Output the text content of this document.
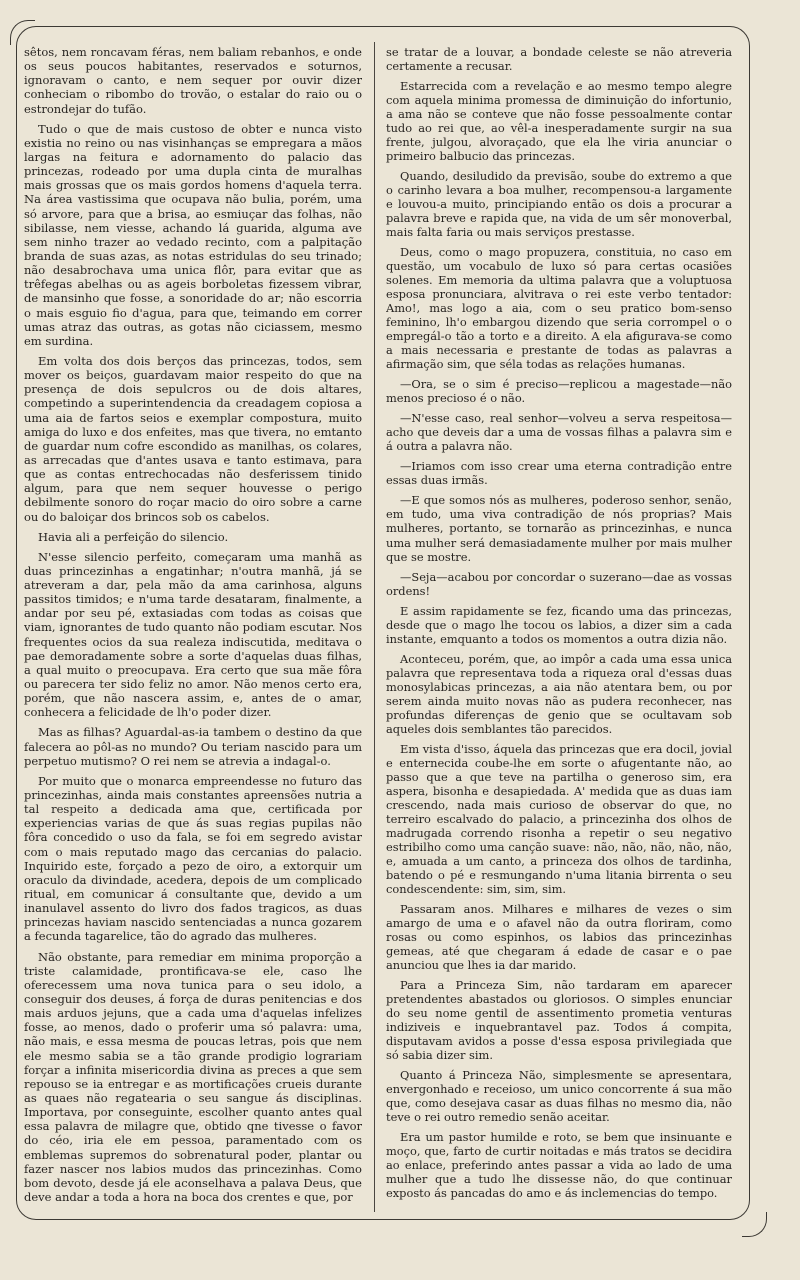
sêtos, nem roncavam féras, nem baliam rebanhos, e onde os seus poucos habitantes, reservados e soturnos, ignoravam o canto, e nem sequer por ouvir dizer conheciam o ribombo do trovão, o estalar do raio ou o estrondejar do tufão.

Tudo o que de mais custoso de obter e nunca visto existia no reino ou nas visinhanças se empregara a mãos largas na feitura e adornamento do palacio das princezas, rodeado por uma dupla cinta de muralhas mais grossas que os mais gordos homens d'aquela terra. Na área vastissima que ocupava não bulia, porém, uma só arvore, para que a brisa, ao esmiuçar das folhas, não sibilasse, nem viesse, achando lá guarida, alguma ave sem ninho trazer ao vedado recinto, com a palpitação branda de suas azas, as notas estridulas do seu trinado; não desabrochava uma unica flôr, para evitar que as trêfegas abelhas ou as ageis borboletas fizessem vibrar, de mansinho que fosse, a sonoridade do ar; não escorria o mais esguio fio d'agua, para que, teimando em correr umas atraz das outras, as gotas não ciciassem, mesmo em surdina.

Em volta dos dois berços das princezas, todos, sem mover os beiços, guardavam maior respeito do que na presença de dois sepulcros ou de dois altares, competindo a superintendencia da creadagem copiosa a uma aia de fartos seios e exemplar compostura, muito amiga do luxo e dos enfeites, mas que tivera, no emtanto de guardar num cofre escondido as manilhas, os colares, as arrecadas que d'antes usava e tanto estimava, para que as contas entrechocadas não desferissem tinido algum, para que nem sequer houvesse o perigo debilmente sonoro do roçar macio do oiro sobre a carne ou do baloiçar dos brincos sob os cabelos.

Havia ali a perfeição do silencio.

N'esse silencio perfeito, começaram uma manhã as duas princezinhas a engatinhar; n'outra manhã, já se atreveram a dar, pela mão da ama carinhosa, alguns passitos timidos; e n'uma tarde desataram, finalmente, a andar por seu pé, extasiadas com todas as coisas que viam, ignorantes de tudo quanto não podiam escutar. Nos frequentes ocios da sua realeza indiscutida, meditava o pae demoradamente sobre a sorte d'aquelas duas filhas, a qual muito o preocupava. Era certo que sua mãe fôra ou parecera ter sido feliz no amor. Não menos certo era, porém, que não nascera assim, e, antes de o amar, conhecera a felicidade de lh'o poder dizer.

Mas as filhas? Aguardal-as-ia tambem o destino da que falecera ao pôl-as no mundo? Ou teriam nascido para um perpetuo mutismo? O rei nem se atrevia a indagal-o.

Por muito que o monarca empreendesse no futuro das princezinhas, ainda mais constantes apreensões nutria a tal respeito a dedicada ama que, certificada por experiencias varias de que ás suas regias pupilas não fôra concedido o uso da fala, se foi em segredo avistar com o mais reputado mago das cercanias do palacio. Inquirido este, forçado a pezo de oiro, a extorquir um oraculo da divindade, acedera, depois de um complicado ritual, em comunicar á consultante que, devido a um inanulavel assento do livro dos fados tragicos, as duas princezas haviam nascido sentenciadas a nunca gozarem a fecunda tagarelice, tão do agrado das mulheres.

Não obstante, para remediar em minima proporção a triste calamidade, prontificava-se ele, caso lhe oferecessem uma nova tunica para o seu idolo, a conseguir dos deuses, á força de duras penitencias e dos mais arduos jejuns, que a cada uma d'aquelas infelizes fosse, ao menos, dado o proferir uma só palavra: uma, não mais, e essa mesma de poucas letras, pois que nem ele mesmo sabia se a tão grande prodigio lograriam forçar a infinita misericordia divina as preces a que sem repouso se ia entregar e as mortificações crueis durante as quaes não regatearia o seu sangue ás disciplinas. Importava, por conseguinte, escolher quanto antes qual essa palavra de milagre que, obtido qne tivesse o favor do céo, iria ele em pessoa, paramentado com os emblemas supremos do sobrenatural poder, plantar ou fazer nascer nos labios mudos das princezinhas. Como bom devoto, desde já ele aconselhava a palava Deus, que deve andar a toda a hora na boca dos crentes e que, por

se tratar de a louvar, a bondade celeste se não atreveria certamente a recusar.

Estarrecida com a revelação e ao mesmo tempo alegre com aquela minima promessa de diminuição do infortunio, a ama não se conteve que não fosse pessoalmente contar tudo ao rei que, ao vêl-a inesperadamente surgir na sua frente, julgou, alvoraçado, que ela lhe viria anunciar o primeiro balbucio das princezas.

Quando, desiludido da previsão, soube do extremo a que o carinho levara a boa mulher, recompensou-a largamente e louvou-a muito, principiando então os dois a procurar a palavra breve e rapida que, na vida de um sêr monoverbal, mais falta faria ou mais serviços prestasse.

Deus, como o mago propuzera, constituia, no caso em questão, um vocabulo de luxo só para certas ocasiões solenes. Em memoria da ultima palavra que a voluptuosa esposa pronunciara, alvitrava o rei este verbo tentador: Amo!, mas logo a aia, com o seu pratico bom-senso feminino, lh'o embargou dizendo que seria corrompel o o empregál-o tão a torto e a direito. A ela afigurava-se como a mais necessaria e prestante de todas as palavras a afirmação sim, que séla todas as relações humanas.

—Ora, se o sim é preciso—replicou a magestade—não menos precioso é o não.

—N'esse caso, real senhor—volveu a serva respeitosa—acho que deveis dar a uma de vossas filhas a palavra sim e á outra a palavra não.

—Iriamos com isso crear uma eterna contradição entre essas duas irmãs.

—E que somos nós as mulheres, poderoso senhor, senão, em tudo, uma viva contradição de nós proprias? Mais mulheres, portanto, se tornarão as princezinhas, e nunca uma mulher será demasiadamente mulher por mais mulher que se mostre.

—Seja—acabou por concordar o suzerano—dae as vossas ordens!

E assim rapidamente se fez, ficando uma das princezas, desde que o mago lhe tocou os labios, a dizer sim a cada instante, emquanto a todos os momentos a outra dizia não.

Aconteceu, porém, que, ao impôr a cada uma essa unica palavra que representava toda a riqueza oral d'essas duas monosylabicas princezas, a aia não atentara bem, ou por serem ainda muito novas não as pudera reconhecer, nas profundas diferenças de genio que se ocultavam sob aqueles dois semblantes tão parecidos.

Em vista d'isso, áquela das princezas que era docil, jovial e enternecida coube-lhe em sorte o afugentante não, ao passo que a que teve na partilha o generoso sim, era aspera, bisonha e desapiedada. A' medida que as duas iam crescendo, nada mais curioso de observar do que, no terreiro escalvado do palacio, a princezinha dos olhos de madrugada correndo risonha a repetir o seu negativo estribilho como uma canção suave: não, não, não, não, não, e, amuada a um canto, a princeza dos olhos de tardinha, batendo o pé e resmungando n'uma litania birrenta o seu condescendente: sim, sim, sim.

Passaram anos. Milhares e milhares de vezes o sim amargo de uma e o afavel não da outra floriram, como rosas ou como espinhos, os labios das princezinhas gemeas, até que chegaram á edade de casar e o pae anunciou que lhes ia dar marido.

Para a Princeza Sim, não tardaram em aparecer pretendentes abastados ou gloriosos. O simples enunciar do seu nome gentil de assentimento prometia venturas indiziveis e inquebrantavel paz. Todos á compita, disputavam avidos a posse d'essa esposa privilegiada que só sabia dizer sim.

Quanto á Princeza Não, simplesmente se apresentara, envergonhado e receioso, um unico concorrente á sua mão que, como desejava casar as duas filhas no mesmo dia, não teve o rei outro remedio senão aceitar.

Era um pastor humilde e roto, se bem que insinuante e moço, que, farto de curtir noitadas e más tratos se decidira ao enlace, preferindo antes passar a vida ao lado de uma mulher que a tudo lhe dissesse não, do que continuar exposto ás pancadas do amo e ás inclemencias do tempo.
